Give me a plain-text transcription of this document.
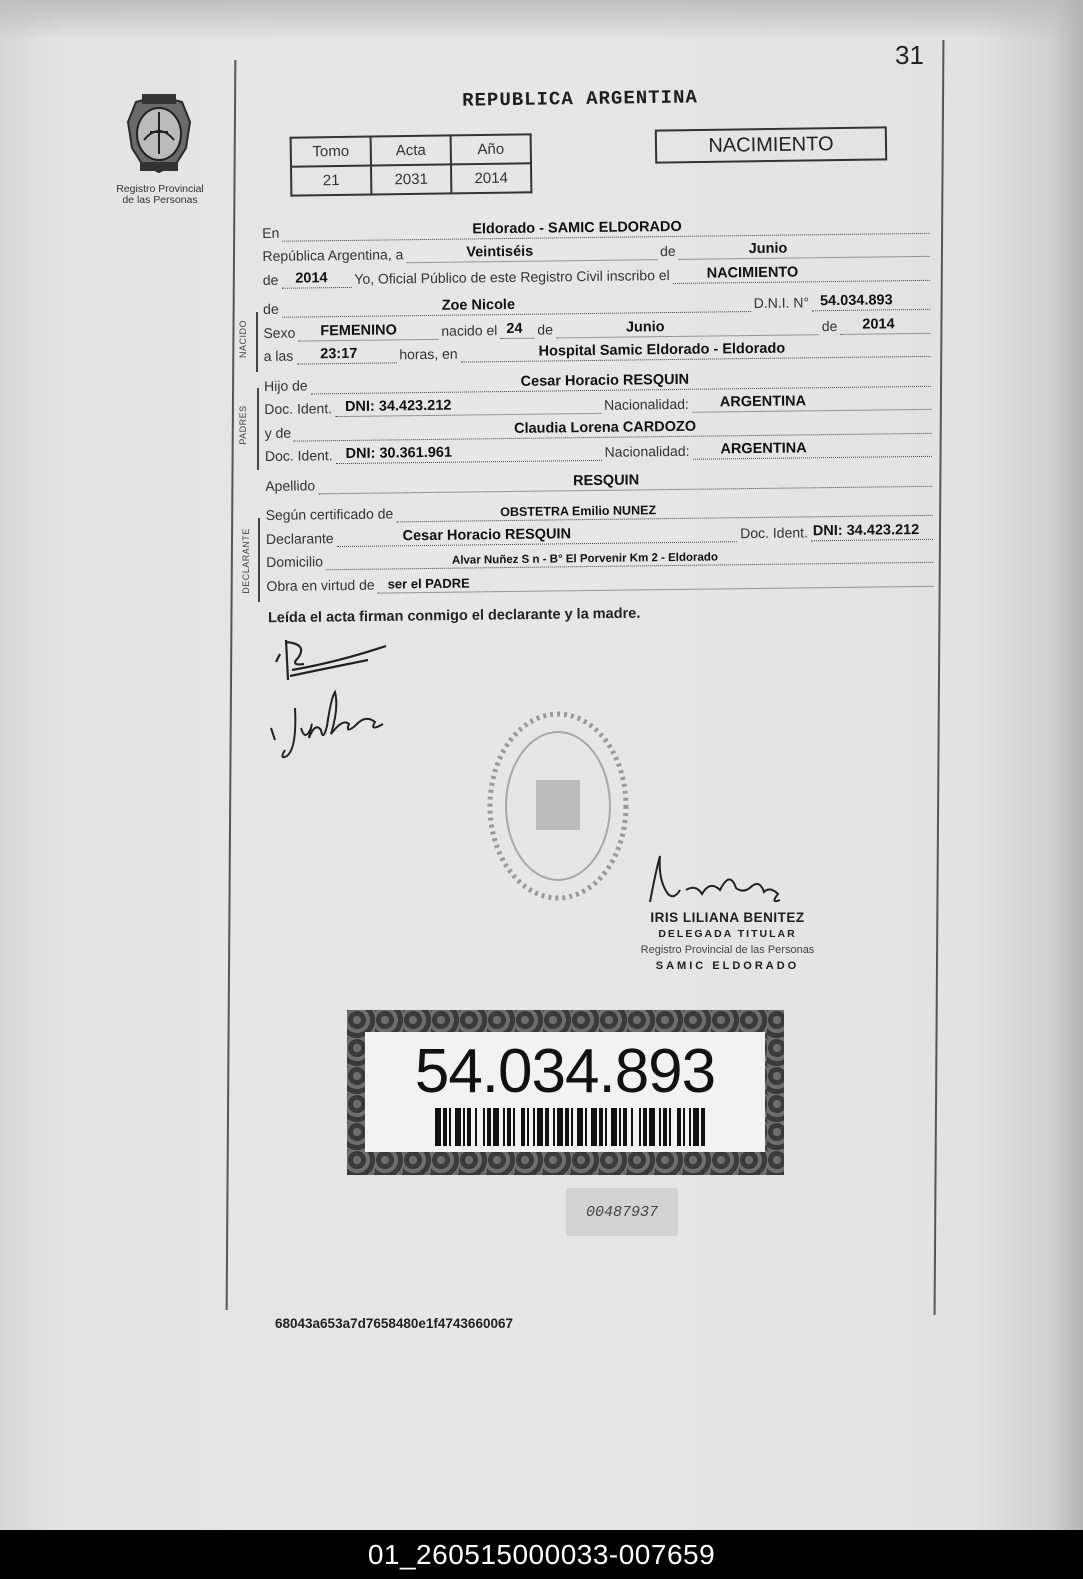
31
Registro Provincial de las Personas
REPUBLICA ARGENTINA
Tomo	Acta	Año
21	2031	2014
NACIMIENTO
En	Eldorado - SAMIC ELDORADO
República Argentina, a	Veintiséis	de	Junio
de 2014 Yo, Oficial Público de este Registro Civil inscribo el	NACIMIENTO
de	Zoe Nicole	D.N.I. N° 54.034.893
Sexo FEMENINO	nacido el 24 de	Junio	de 2014
a las 23:17	horas, en	Hospital Samic Eldorado - Eldorado
Hijo de	Cesar Horacio RESQUIN
Doc. Ident. DNI: 34.423.212	Nacionalidad: ARGENTINA
y de	Claudia Lorena CARDOZO
Doc. Ident. DNI: 30.361.961	Nacionalidad: ARGENTINA
Apellido	RESQUIN
Según certificado de	OBSTETRA Emilio NUNEZ
Declarante	Cesar Horacio RESQUIN	Doc. Ident. DNI: 34.423.212
Domicilio	Alvar Nuñez S n - B° El Porvenir Km 2 - Eldorado
Obra en virtud de ser el PADRE
NACIDO
PADRES
DECLARANTE
Leída el acta firman conmigo el declarante y la madre.
IRIS LILIANA BENITEZ
DELEGADA TITULAR
Registro Provincial de las Personas
SAMIC ELDORADO
54.034.893
00487937
68043a653a7d7658480e1f4743660067
01_260515000033-007659
